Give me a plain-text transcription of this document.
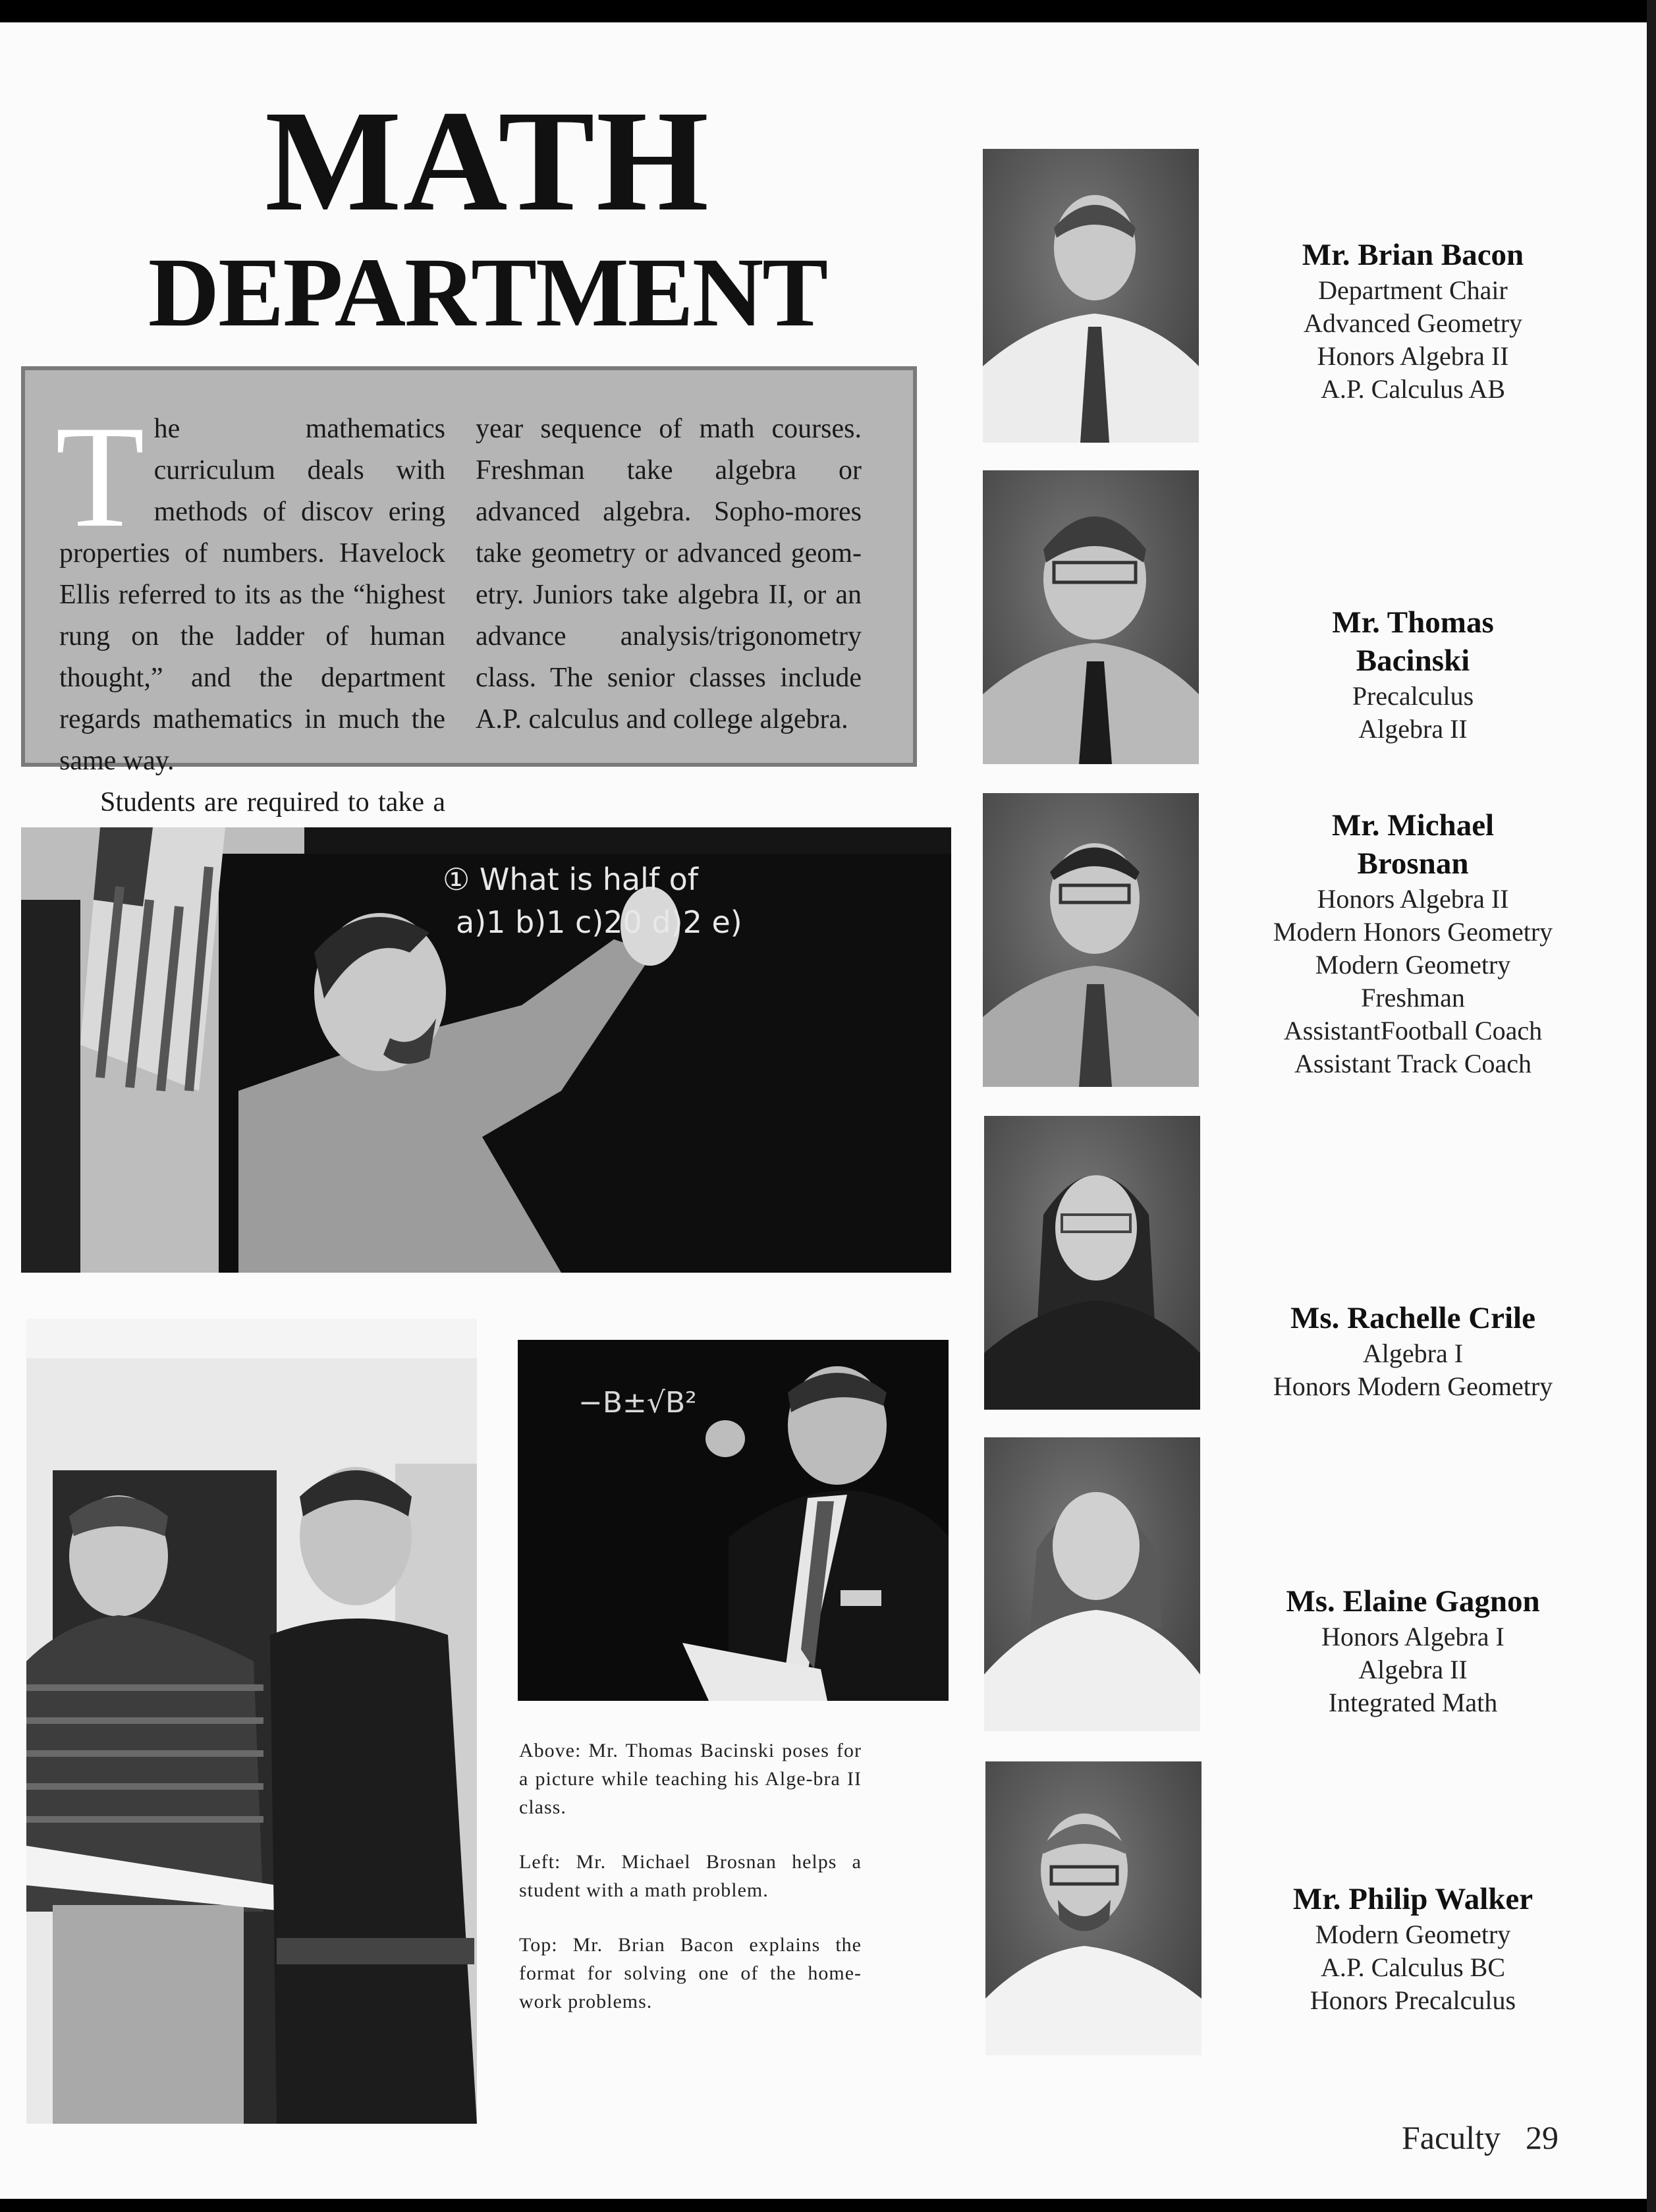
MATH
DEPARTMENT
T he mathematics curriculum deals with methods of discov ering properties of numbers. Havelock Ellis referred to its as the “highest rung on the ladder of human thought,” and the department regards mathematics in much the same way.
Students are required to take a
year sequence of math courses. Freshman take algebra or advanced algebra. Sopho-mores take geometry or advanced geom-etry. Juniors take algebra II, or an advance analysis/trigonometry class. The senior classes include A.P. calculus and college algebra.
① What is half of
a)1 b)1 c)20 d)2 e)
−B±√B²

Above: Mr. Thomas Bacinski poses for a picture while teaching his Alge-bra II class.

Left: Mr. Michael Brosnan helps a student with a math problem.

Top: Mr. Brian Bacon explains the format for solving one of the home-work problems.

Mr. Brian Bacon
Department Chair
Advanced Geometry
Honors Algebra II
A.P. Calculus AB
Mr. Thomas Bacinski
Precalculus
Algebra II
Mr. Michael Brosnan
Honors Algebra II
Modern Honors Geometry
Modern Geometry
Freshman
AssistantFootball Coach
Assistant Track Coach
Ms. Rachelle Crile
Algebra I
Honors Modern Geometry
Ms. Elaine Gagnon
Honors Algebra I
Algebra II
Integrated Math
Mr. Philip Walker
Modern Geometry
A.P. Calculus BC
Honors Precalculus
Faculty 29
